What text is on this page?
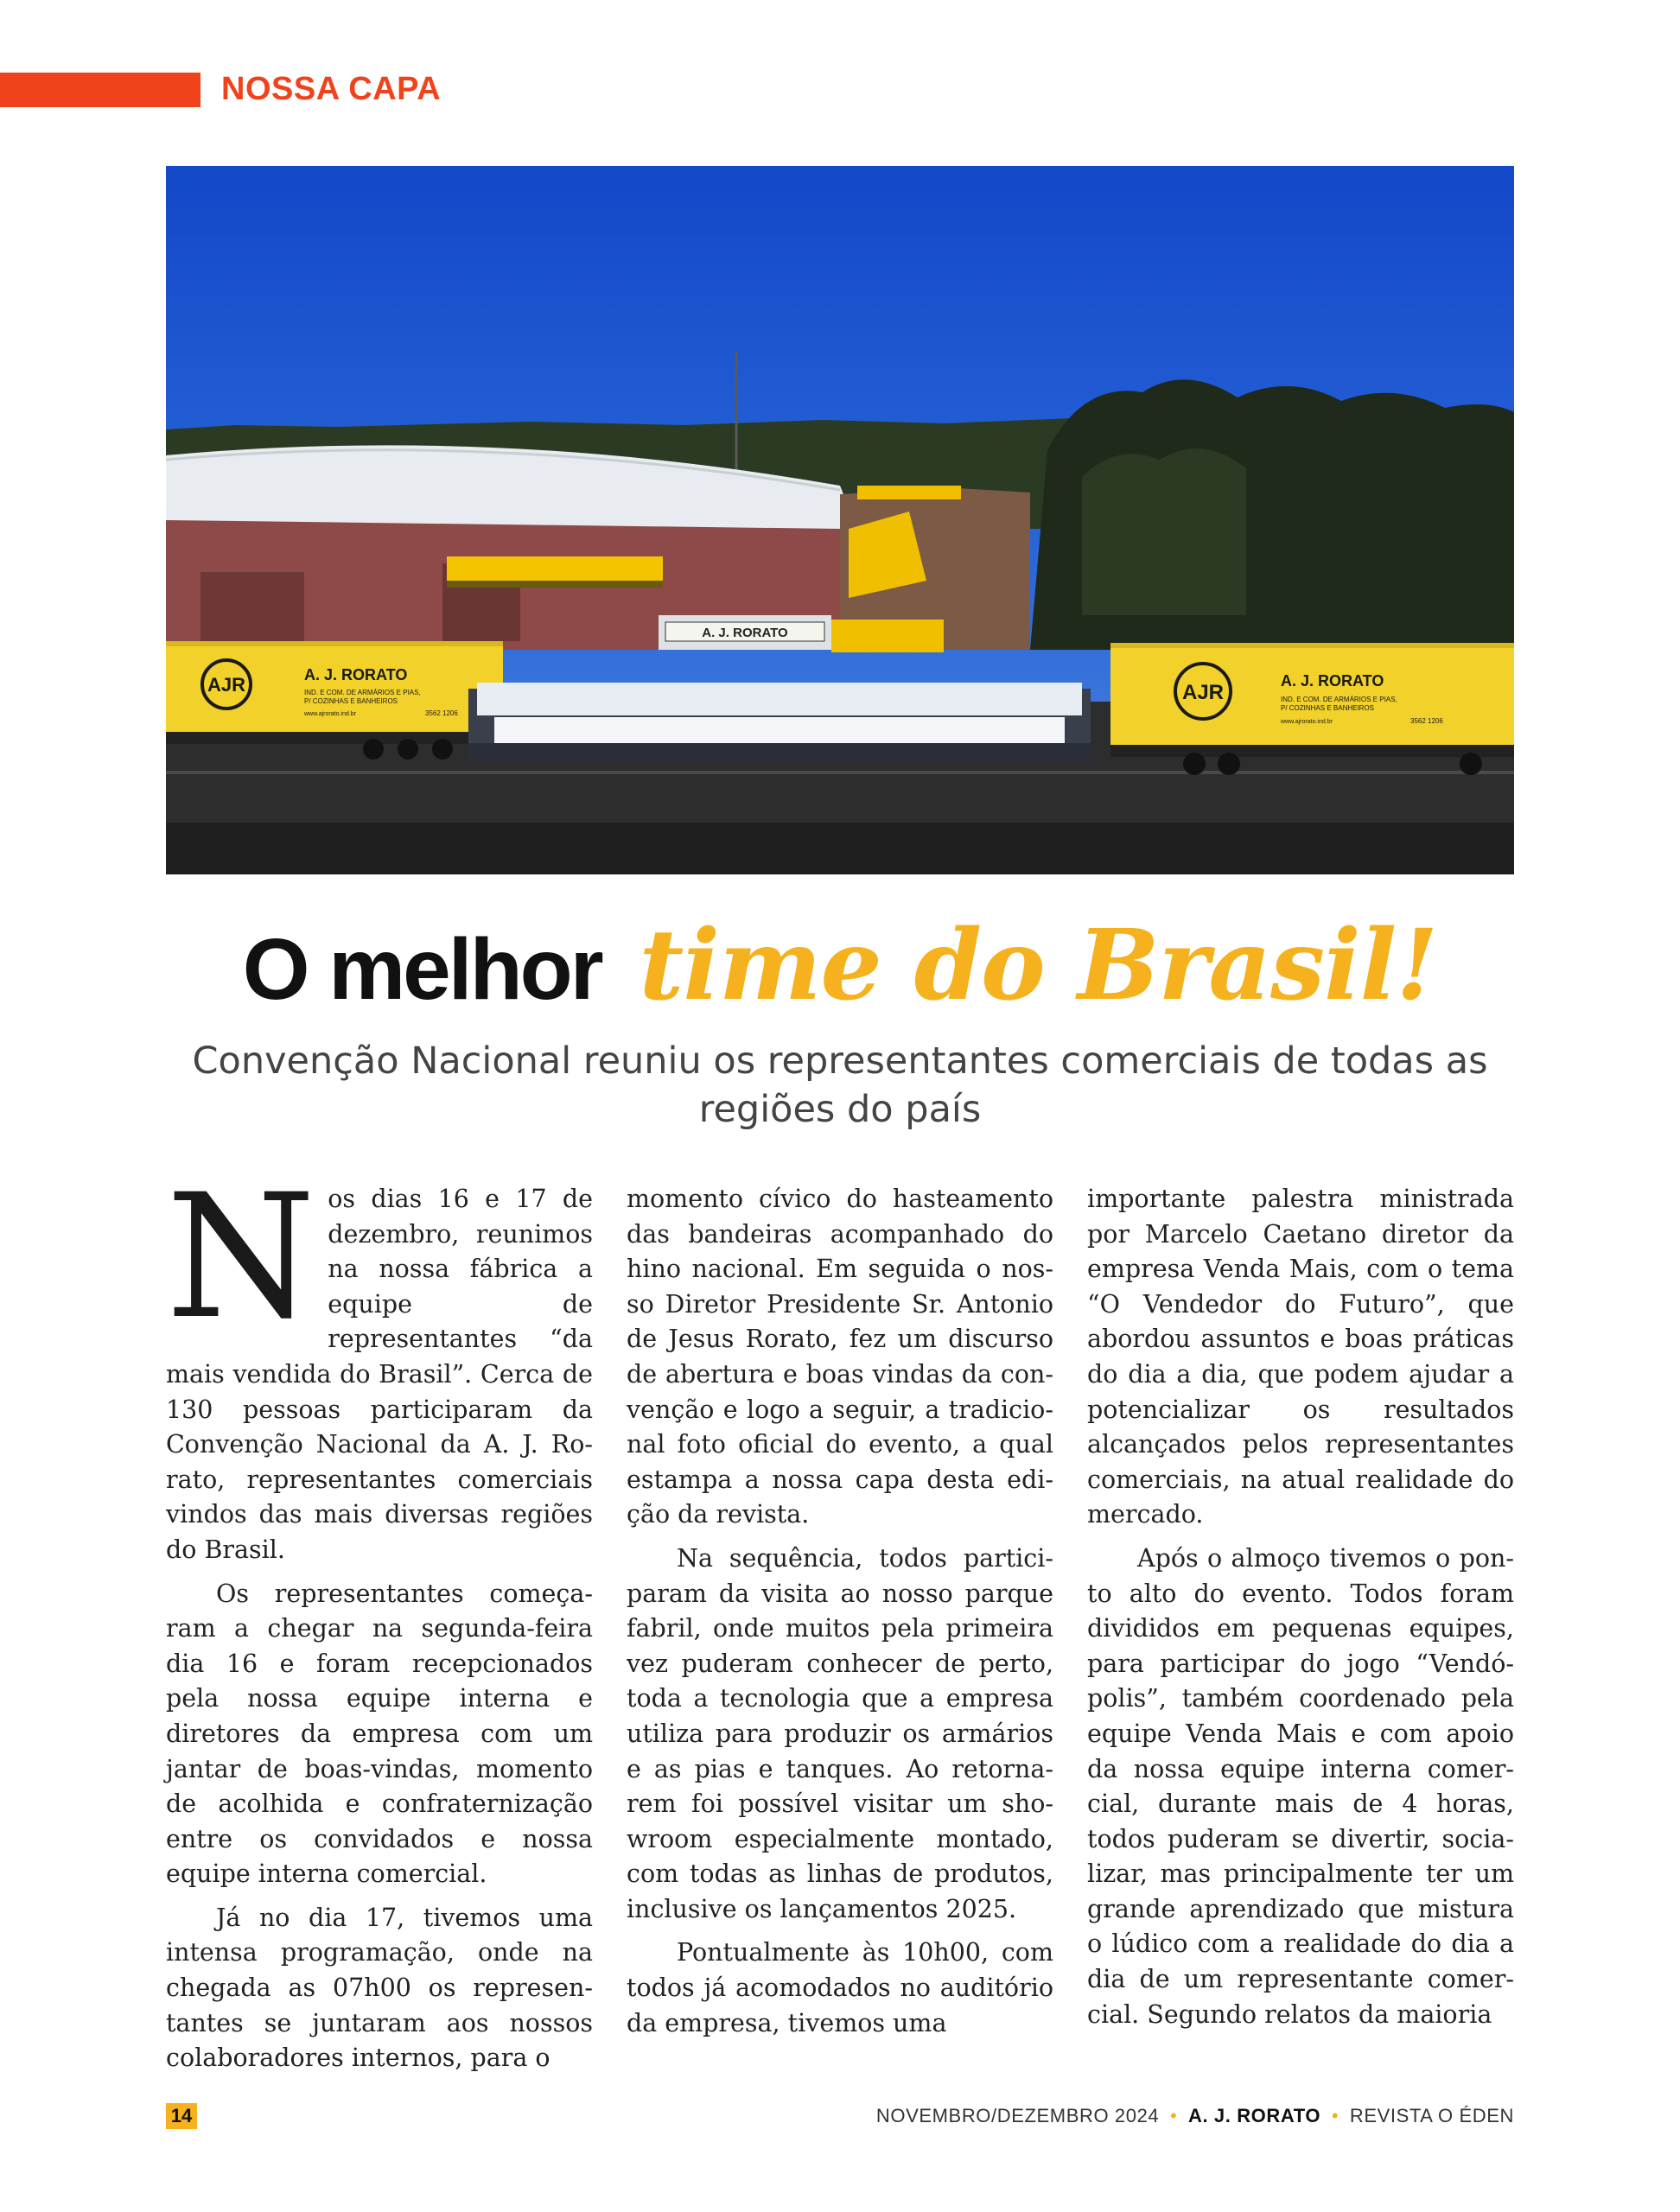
NOSSA CAPA
A. J. RORATO
AJR	A. J. RORATO
IND. E COM. DE ARMÁRIOS E PIAS,
P/ COZINHAS E BANHEIROS
www.ajrorato.ind.br	3562 1206
AJR	A. J. RORATO
IND. E COM. DE ARMÁRIOS E PIAS,
P/ COZINHAS E BANHEIROS
www.ajrorato.ind.br	3562 1206
O melhor time do Brasil!
Convenção Nacional reuniu os representantes comerciais de todas as regiões do país

Nos dias 16 e 17 de dezembro, reunimos na nossa fábrica a equipe de representantes “da mais vendida do Brasil”. Cerca de 130 pessoas participaram da Convenção Nacional da A. J. Rorato, representantes comerciais vindos das mais diversas regiões do Brasil.

Os representantes começaram a chegar na segunda-feira dia 16 e foram recepcionados pela nossa equipe interna e diretores da empresa com um jantar de boas-vindas, momento de acolhida e confraternização entre os convidados e nossa equipe interna comercial.

Já no dia 17, tivemos uma intensa programação, onde na chegada as 07h00 os representantes se juntaram aos nossos colaboradores internos, para o

momento cívico do hasteamento das bandeiras acompanhado do hino nacional. Em seguida o nosso Diretor Presidente Sr. Antonio de Jesus Rorato, fez um discurso de abertura e boas vindas da convenção e logo a seguir, a tradicional foto oficial do evento, a qual estampa a nossa capa desta edição da revista.

Na sequência, todos participaram da visita ao nosso parque fabril, onde muitos pela primeira vez puderam conhecer de perto, toda a tecnologia que a empresa utiliza para produzir os armários e as pias e tanques. Ao retornarem foi possível visitar um showroom especialmente montado, com todas as linhas de produtos, inclusive os lançamentos 2025.

Pontualmente às 10h00, com todos já acomodados no auditório da empresa, tivemos uma

importante palestra ministrada por Marcelo Caetano diretor da empresa Venda Mais, com o tema “O Vendedor do Futuro”, que abordou assuntos e boas práticas do dia a dia, que podem ajudar a potencializar os resultados alcançados pelos representantes comerciais, na atual realidade do mercado.

Após o almoço tivemos o ponto alto do evento. Todos foram divididos em pequenas equipes, para participar do jogo “Vendópolis”, também coordenado pela equipe Venda Mais e com apoio da nossa equipe interna comercial, durante mais de 4 horas, todos puderam se divertir, socializar, mas principalmente ter um grande aprendizado que mistura o lúdico com a realidade do dia a dia de um representante comercial. Segundo relatos da maioria

14	NOVEMBRO/DEZEMBRO 2024 • A. J. RORATO • REVISTA O ÉDEN
